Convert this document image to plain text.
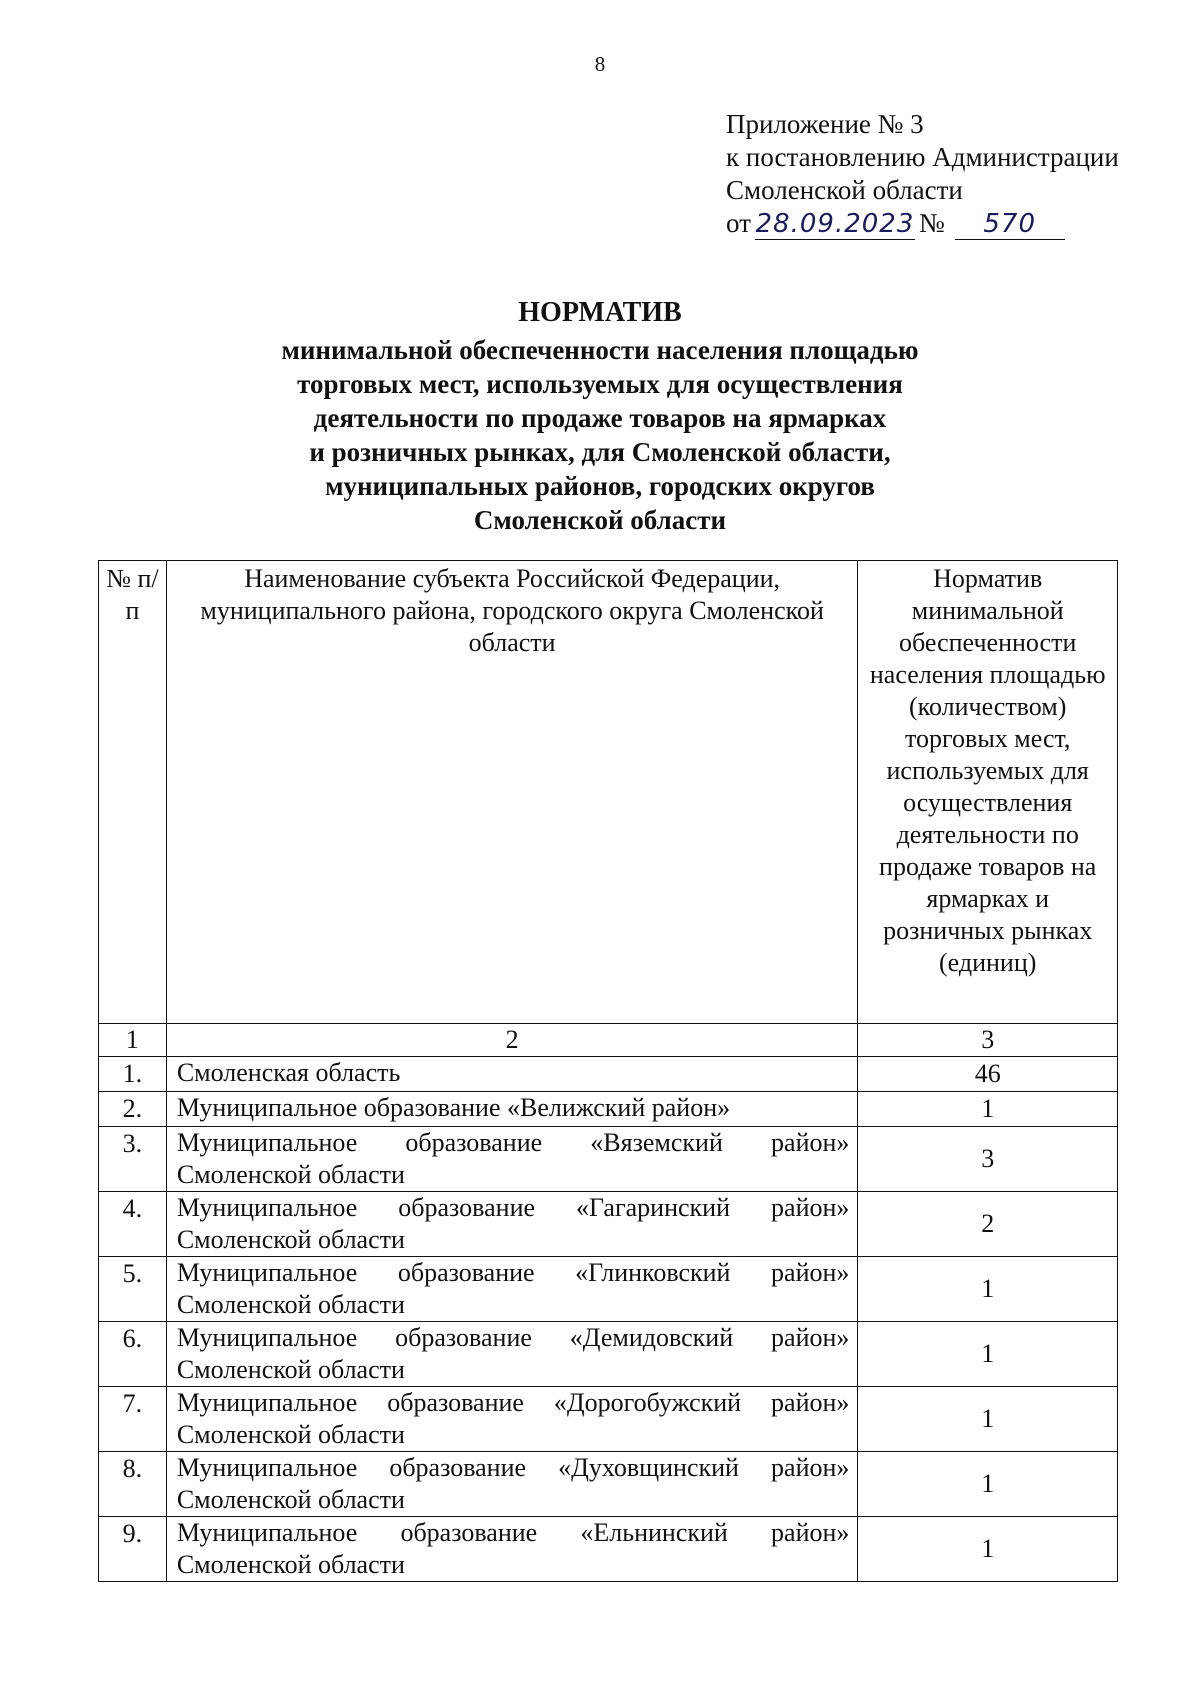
8
Приложение № 3
к постановлению Администрации
Смоленской области
от 28.09.2023 №	570
НОРМАТИВ
минимальной обеспеченности населения площадью
торговых мест, используемых для осуществления
деятельности по продаже товаров на ярмарках
и розничных рынках, для Смоленской области,
муниципальных районов, городских округов
Смоленской области
№ п/п	Наименование субъекта Российской Федерации, муниципального района, городского округа Смоленской области	Норматив минимальной обеспеченности населения площадью (количеством) торговых мест, используемых для осуществления деятельности по продаже товаров на ярмарках и розничных рынках (единиц)
1	2	3
1.	Смоленская область	46
2.	Муниципальное образование «Велижский район»	1
3.	Муниципальное образование «Вяземский район» Смоленской области	3
4.	Муниципальное образование «Гагаринский район» Смоленской области	2
5.	Муниципальное образование «Глинковский район» Смоленской области	1
6.	Муниципальное образование «Демидовский район» Смоленской области	1
7.	Муниципальное образование «Дорогобужский район» Смоленской области	1
8.	Муниципальное образование «Духовщинский район» Смоленской области	1
9.	Муниципальное образование «Ельнинский район» Смоленской области	1
